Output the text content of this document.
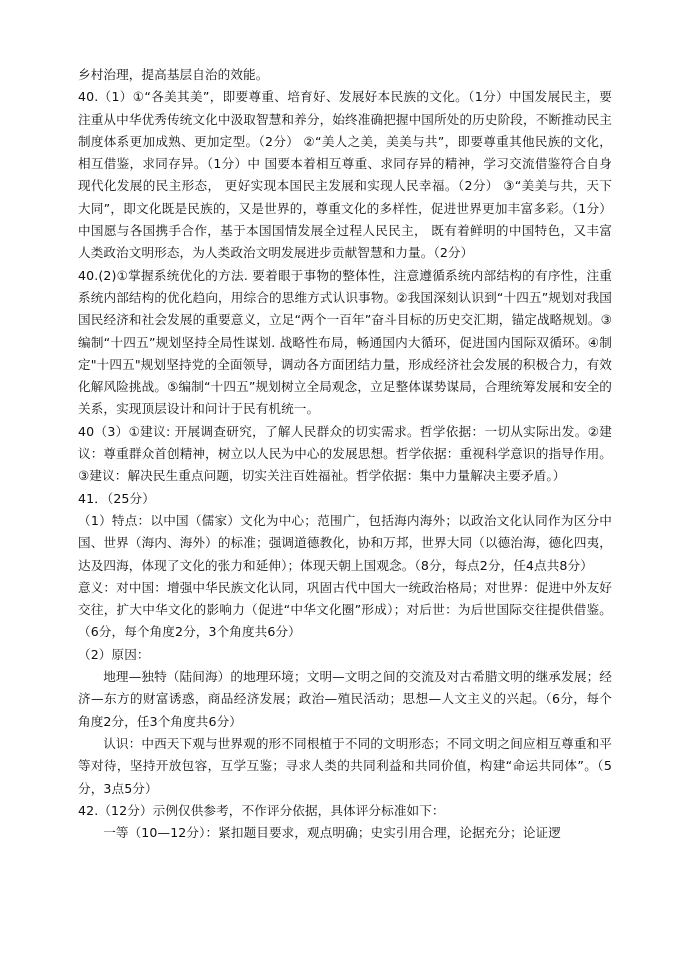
乡村治理，提高基层自治的效能。

40.（1）①“各美其美”，即要尊重、培育好、发展好本民族的文化。（1分）中国发展民主，要注重从中华优秀传统文化中汲取智慧和养分，始终准确把握中国所处的历史阶段，不断推动民主制度体系更加成熟、更加定型。（2分） ②“美人之美，美美与共”，即要尊重其他民族的文化，相互借鉴，求同存异。（1分）中 国要本着相互尊重、求同存异的精神，学习交流借鉴符合自身现代化发展的民主形态， 更好实现本国民主发展和实现人民幸福。（2分） ③“美美与共，天下大同”，即文化既是民族的，又是世界的，尊重文化的多样性，促进世界更加丰富多彩。（1分）中国愿与各国携手合作，基于本国国情发展全过程人民民主， 既有着鲜明的中国特色，又丰富人类政治文明形态，为人类政治文明发展进步贡献智慧和力量。（2分）

40.(2)①掌握系统优化的方法. 要着眼于事物的整体性，注意遵循系统内部结构的有序性，注重系统内部结构的优化趋向，用综合的思维方式认识事物。②我国深刻认识到“十四五”规划对我国国民经济和社会发展的重要意义，立足“两个一百年”奋斗目标的历史交汇期，锚定战略规划。③编制“十四五”规划坚持全局性谋划. 战略性布局，畅通国内大循环，促进国内国际双循环。④制定"十四五"规划坚持党的全面领导，调动各方面团结力量，形成经济社会发展的积极合力，有效化解风险挑战。⑤编制“十四五”规划树立全局观念，立足整体谋势谋局，合理统筹发展和安全的关系，实现顶层设计和问计于民有机统一。

40（3）①建议: 开展调查研究，了解人民群众的切实需求。哲学依据：一切从实际出发。②建议：尊重群众首创精神，树立以人民为中心的发展思想。哲学依据：重视科学意识的指导作用。③建议：解决民生重点问题，切实关注百姓福祉。哲学依据：集中力量解决主要矛盾。）

41．（25分）

（1）特点：以中国（儒家）文化为中心；范围广，包括海内海外；以政治文化认同作为区分中国、世界（海内、海外）的标准；强调道德教化，协和万邦，世界大同（以德治海，德化四夷，达及四海，体现了文化的张力和延伸）；体现天朝上国观念。（8分，每点2分，任4点共8分）

意义：对中国：增强中华民族文化认同，巩固古代中国大一统政治格局；对世界：促进中外友好交往，扩大中华文化的影响力（促进“中华文化圈”形成）；对后世：为后世国际交往提供借鉴。（6分，每个角度2分，3个角度共6分）

（2）原因：

地理—独特（陆间海）的地理环境；文明—文明之间的交流及对古希腊文明的继承发展；经济—东方的财富诱惑，商品经济发展；政治—殖民活动；思想—人文主义的兴起。（6分，每个角度2分，任3个角度共6分）

认识：中西天下观与世界观的形不同根植于不同的文明形态；不同文明之间应相互尊重和平等对待，坚持开放包容，互学互鉴；寻求人类的共同利益和共同价值，构建“命运共同体”。（5分，3点5分）

42.（12分）示例仅供参考，不作评分依据，具体评分标准如下：

一等（10—12分）：紧扣题目要求，观点明确；史实引用合理，论据充分；论证逻
